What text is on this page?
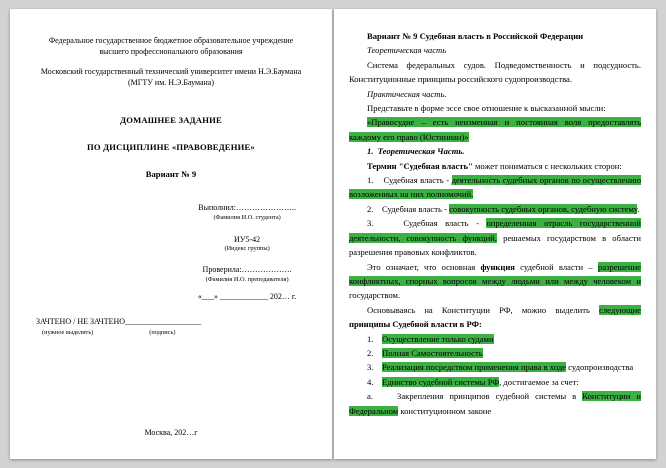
Федеральное государственное бюджетное образовательное учреждение
высшего профессионального образования
Московский государственный технический университет имени Н.Э.Баумана
(МГТУ им. Н.Э.Баумана)
ДОМАШНЕЕ ЗАДАНИЕ
ПО ДИСЦИПЛИНЕ «ПРАВОВЕДЕНИЕ»
Вариант № 9
Выполнил:…………………..
(Фамилия И.О. студента)
ИУ5-42
(Индекс группы)
Проверила:……………….
(Фамилия И.О. преподавателя)
«___» ____________ 202… г.
ЗАЧТЕНО / НЕ ЗАЧТЕНО___________________
(нужное выделить)	(подпись)
Москва, 202…г

Вариант № 9 Судебная власть в Российской Федерации

Теоретическая часть

Система федеральных судов. Подведомственность и подсудность. Конституционные принципы российского судопроизводства.

Практическая часть.

Представьте в форме эссе свое отношение к высказанной мысли:

«Правосудие – есть неизменная и постоянная воля предоставлять каждому его право (Юстиниан)»

1.  Теоретическая Часть.

Термин "Судебная власть" может пониматься с нескольких сторон:

1.    Судебная власть - деятельность судебных органов по осуществлению возложенных на них полномочий.

2.    Судебная власть - совокупность судебных органов, судебную систему.

3.    Судебная власть - определенная отрасль государственной деятельности, совокупность функций, решаемых государством в области разрешения правовых конфликтов.

Это означает, что основная функция судебной власти – разрешение конфликтных, спорных вопросов между людьми или между человеком и государством.

Основываясь на Конституции РФ, можно выделить следующие принципы Судебной власти в РФ:

1.    Осуществление только судами

2.    Полная Самостоятельность

3.    Реализация посредством применения права в ходе судопроизводства

4.    Единство судебной системы РФ, достигаемое за счет:

а.    Закрепления принципов судебной системы в Конституции и Федеральном конституционном законе
